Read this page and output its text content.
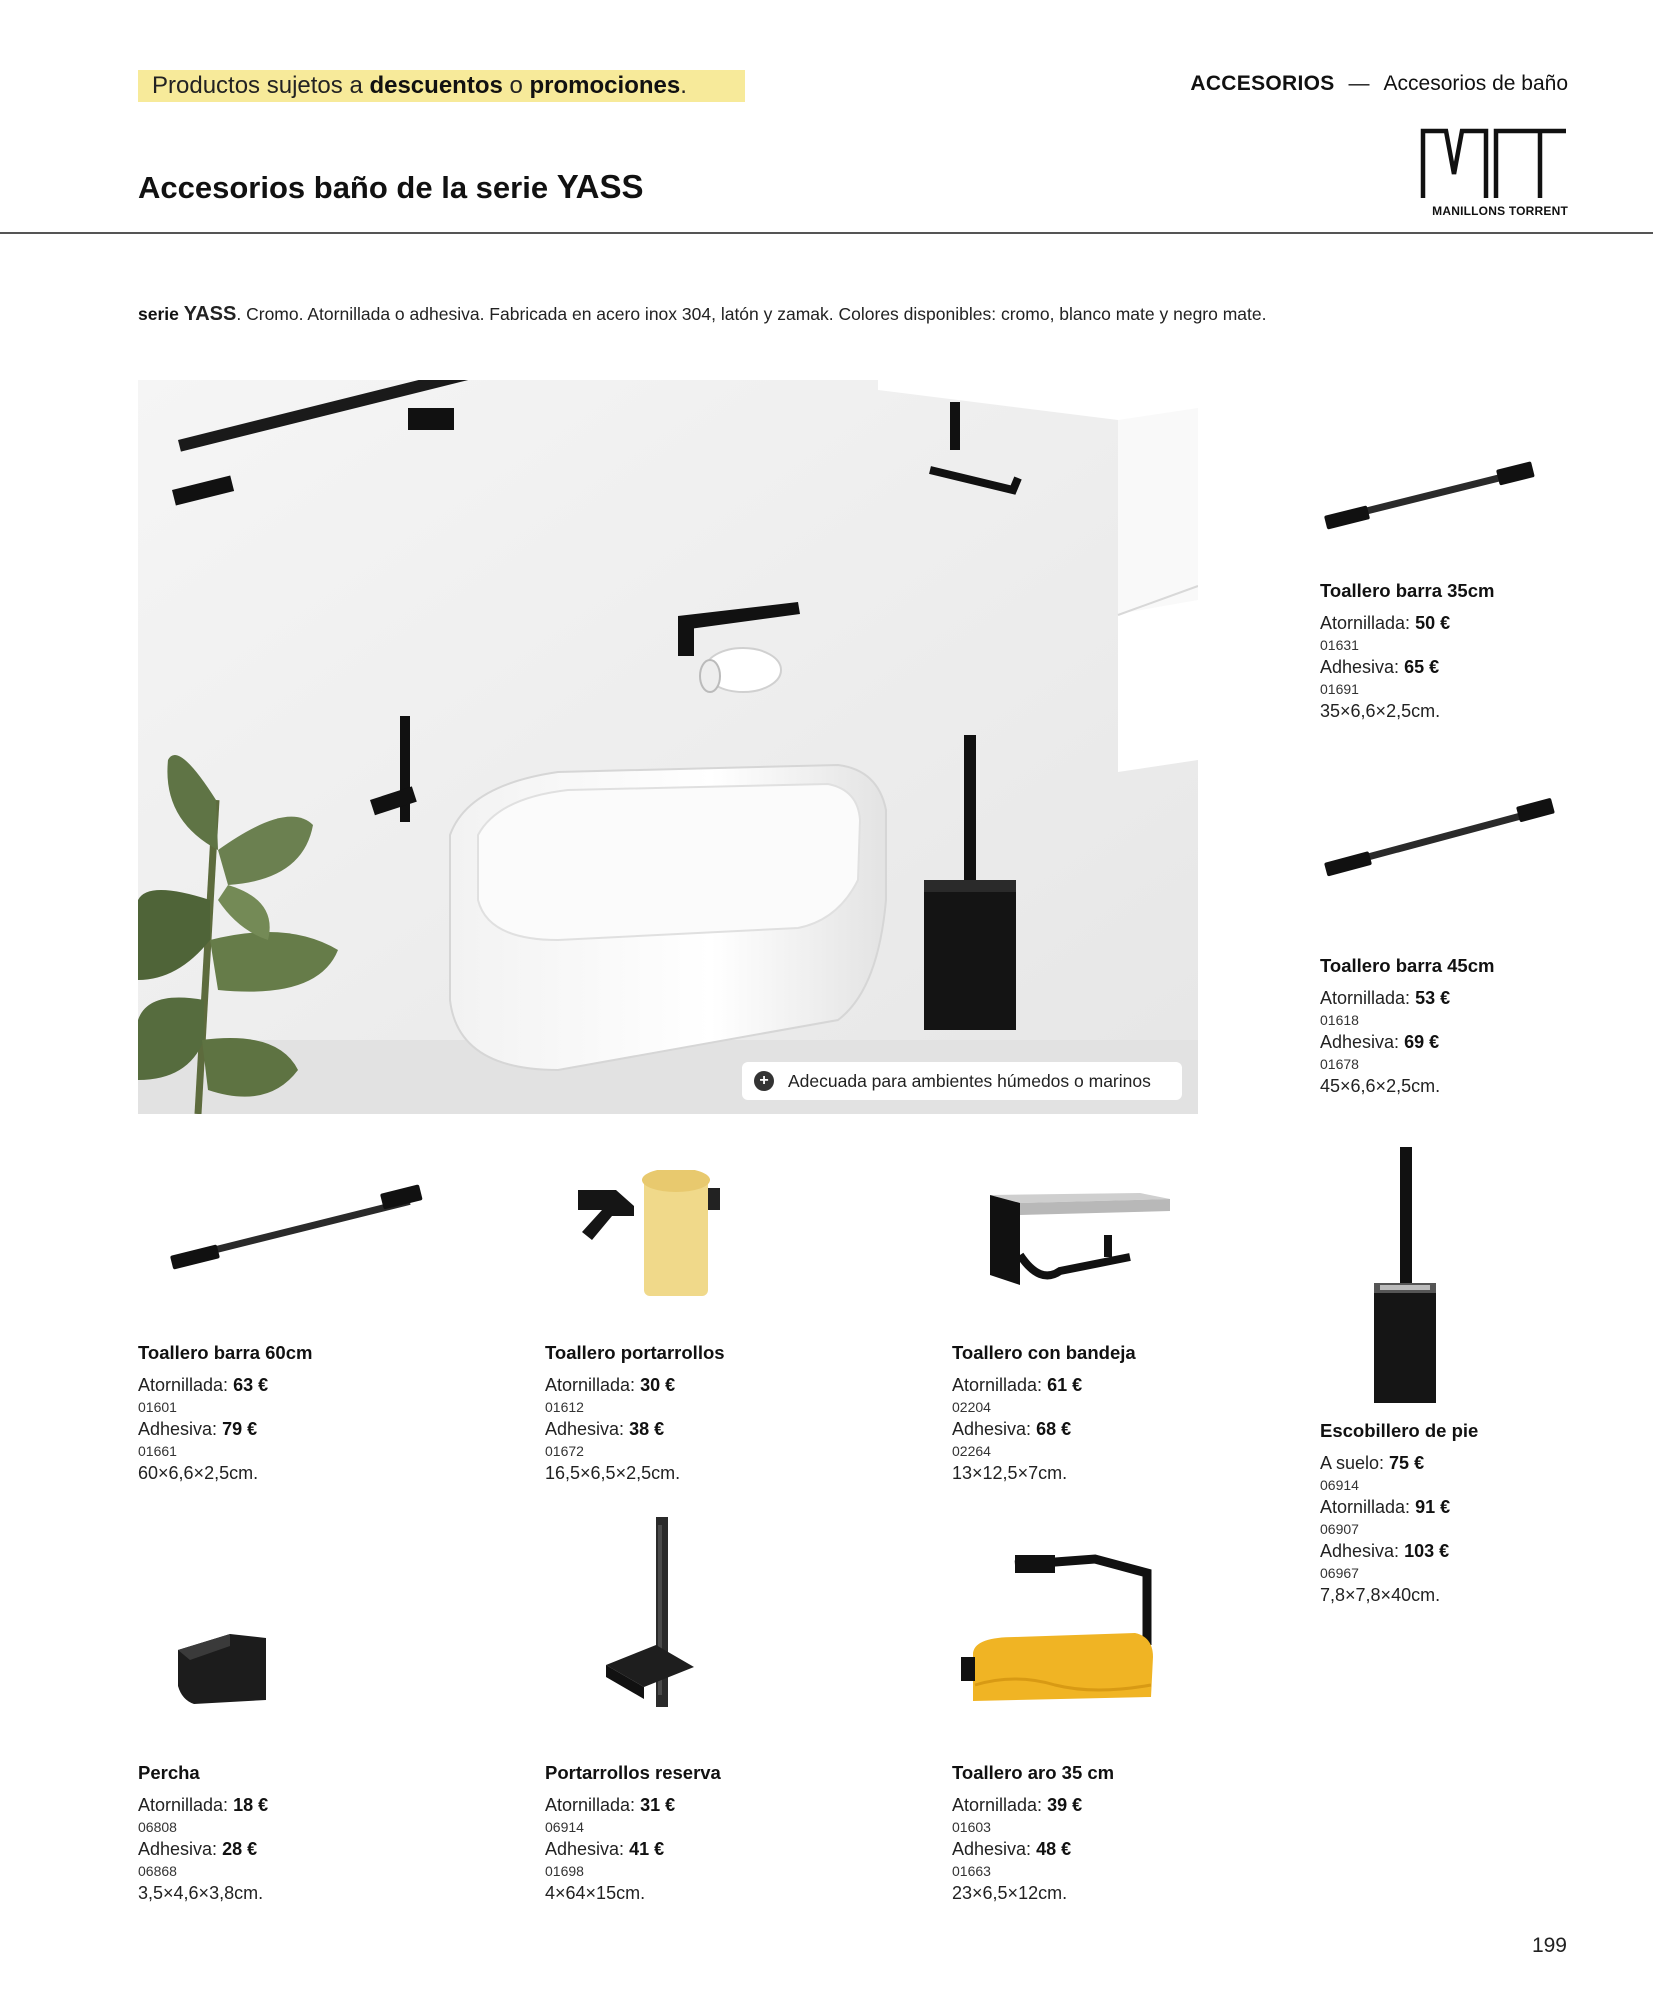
Productos sujetos a descuentos o promociones.	ACCESORIOS — Accesorios de baño
Accesorios baño de la serie YASS
MANILLONS TORRENT
serie YASS. Cromo. Atornillada o adhesiva. Fabricada en acero inox 304, latón y zamak. Colores disponibles: cromo, blanco mate y negro mate.
+	Adecuada para ambientes húmedos o marinos
Toallero barra 35cm
Atornillada: 50 €
01631
Adhesiva: 65 €
01691
35×6,6×2,5cm.
Toallero barra 45cm
Atornillada: 53 €
01618
Adhesiva: 69 €
01678
45×6,6×2,5cm.
Toallero barra 60cm
Atornillada: 63 €
01601
Adhesiva: 79 €
01661
60×6,6×2,5cm.
Toallero portarrollos
Atornillada: 30 €
01612
Adhesiva: 38 €
01672
16,5×6,5×2,5cm.
Toallero con bandeja
Atornillada: 61 €
02204
Adhesiva: 68 €
02264
13×12,5×7cm.
Escobillero de pie
A suelo: 75 €
06914
Atornillada: 91 €
06907
Adhesiva: 103 €
06967
7,8×7,8×40cm.
Percha
Atornillada: 18 €
06808
Adhesiva: 28 €
06868
3,5×4,6×3,8cm.
Portarrollos reserva
Atornillada: 31 €
06914
Adhesiva: 41 €
01698
4×64×15cm.
Toallero aro 35 cm
Atornillada: 39 €
01603
Adhesiva: 48 €
01663
23×6,5×12cm.
199
